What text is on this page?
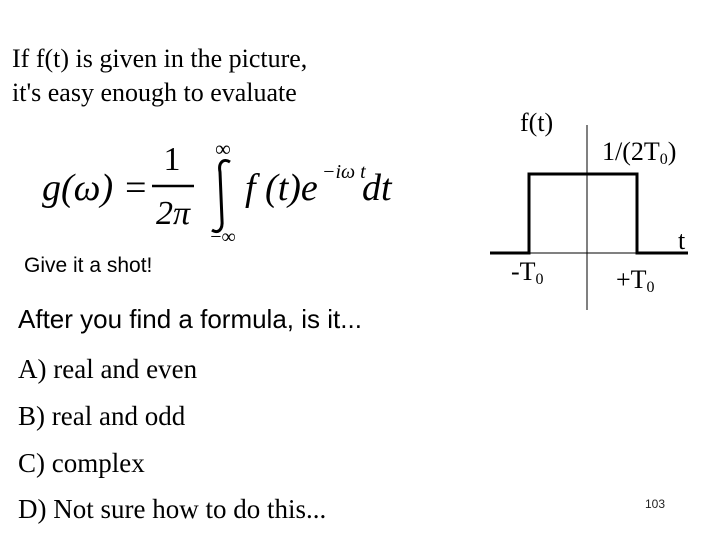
If f(t) is given in the picture,
it's easy enough to evaluate
g(ω) =
1
2π
∞
−∞
f (t)e −iω t
dt
Give it a shot!
After you find a formula, is it...
A) real and even
B) real and odd
C) complex
D) Not sure how to do this...
f(t)
$1/(2T_0)$
t
$-T_0$	$+T_0$
103
